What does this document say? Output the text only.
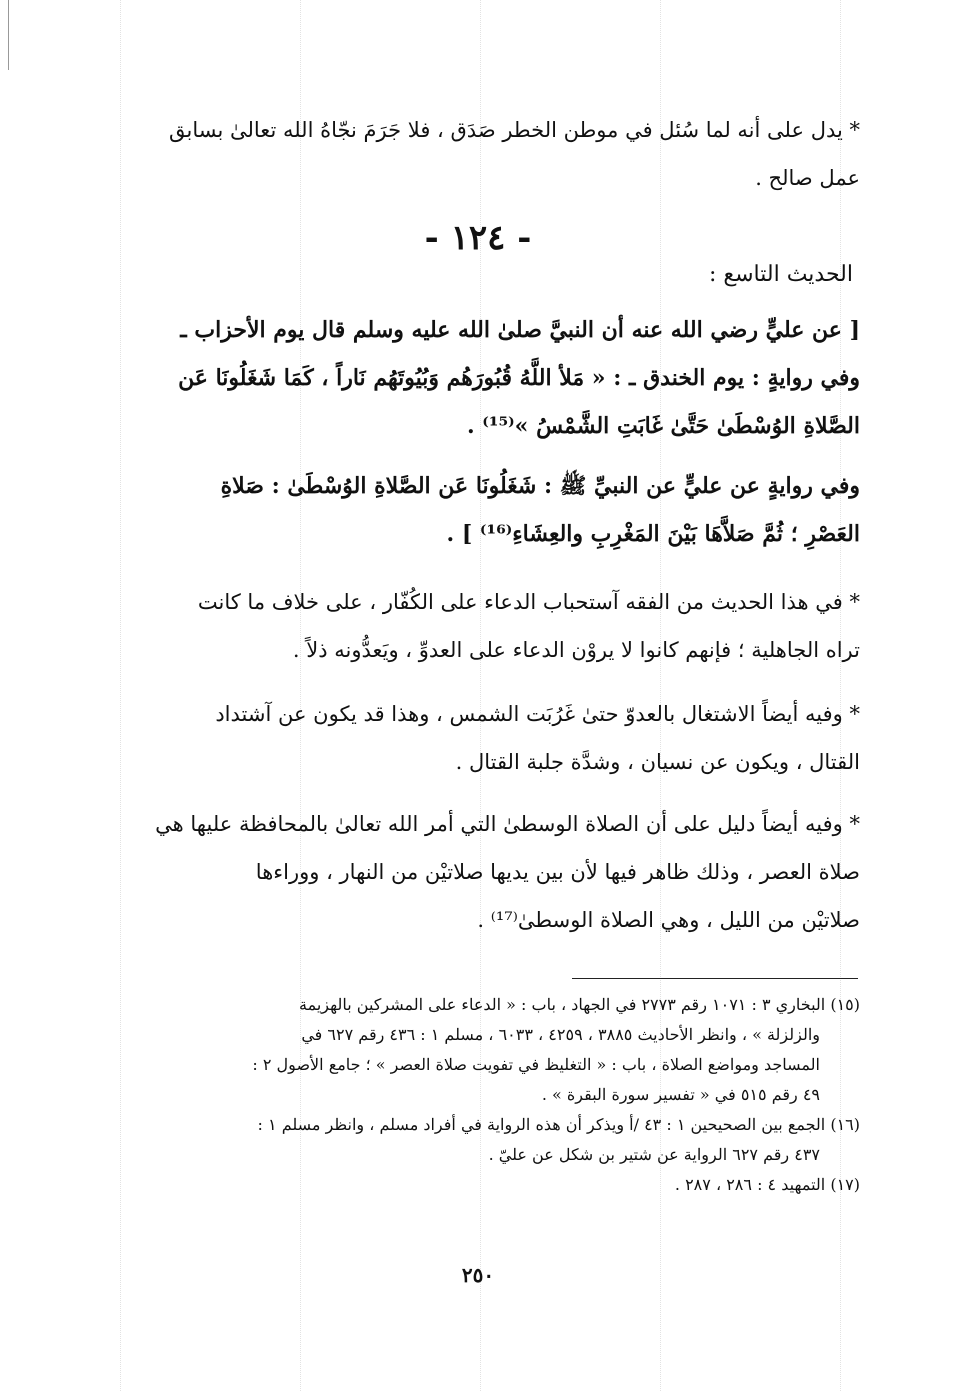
* يدل على أنه لما سُئل في موطن الخطر صَدَق ، فلا جَرَمَ نجّاهُ الله تعالىٰ بسابق
عمل صالح .
- ١٢٤ -
الحديث التاسع :
[ عن عليٍّ رضي الله عنه أن النبيَّ صلىٰ الله عليه وسلم قال يوم الأحزاب ـ
وفي روايةٍ : يوم الخندق ـ : « مَلأ اللَّهُ قُبُورَهُم وَبُيُوتَهُم نَاراً ، كَمَا شَغَلُونَا عَن
الصَّلاةِ الوُسْطَىٰ حَتَّىٰ غَابَتِ الشَّمْسُ »⁽¹⁵⁾ .
وفي روايةٍ عن عليٍّ عن النبيِّ ﷺ : شَغَلُونَا عَن الصَّلاةِ الوُسْطَىٰ : صَلاةِ
العَصْرِ ؛ ثُمَّ صَلاَّهَا بَيْنَ المَغْرِبِ والعِشَاءِ⁽¹⁶⁾ ] .
* في هذا الحديث من الفقه آستحباب الدعاء على الكُفّار ، على خلاف ما كانت
تراه الجاهلية ؛ فإنهم كانوا لا يروْن الدعاء على العدوِّ ، ويَعدُّونه ذلاً .
* وفيه أيضاً الاشتغال بالعدوّ حتىٰ غَرُبَت الشمس ، وهذا قد يكون عن آشتداد
القتال ، ويكون عن نسيان ، وشدَّة جلبة القتال .
* وفيه أيضاً دليل على أن الصلاة الوسطىٰ التي أمر الله تعالىٰ بالمحافظة عليها هي
صلاة العصر ، وذلك ظاهر فيها لأن بين يديها صلاتيْن من النهار ، ووراءها
صلاتيْن من الليل ، وهي الصلاة الوسطىٰ⁽¹⁷⁾ .
(١٥) البخاري ٣ : ١٠٧١ رقم ٢٧٧٣ في الجهاد ، باب : « الدعاء على المشركين بالهزيمة
والزلزلة » ، وانظر الأحاديث ٣٨٨٥ ، ٤٢٥٩ ، ٦٠٣٣ ، مسلم ١ : ٤٣٦ رقم ٦٢٧ في
المساجد ومواضع الصلاة ، باب : « التغليظ في تفويت صلاة العصر » ؛ جامع الأصول ٢ :
٤٩ رقم ٥١٥ في « تفسير سورة البقرة » .
(١٦) الجمع بين الصحيحين ١ : ٤٣ /أ ويذكر أن هذه الرواية في أفراد مسلم ، وانظر مسلم ١ :
٤٣٧ رقم ٦٢٧ الرواية عن شتير بن شكل عن عليّ .
(١٧) التمهيد ٤ : ٢٨٦ ، ٢٨٧ .
٢٥٠
